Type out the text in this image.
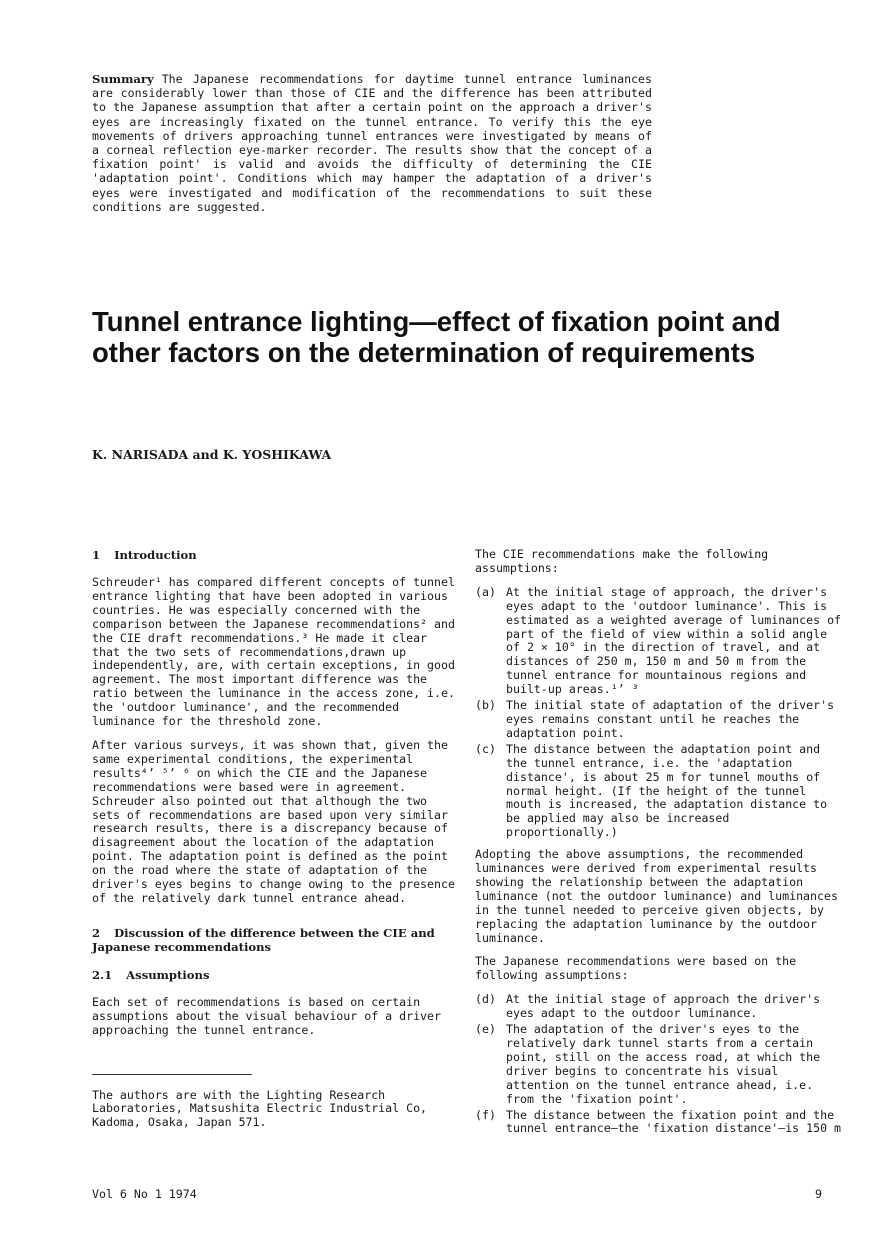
Summary The Japanese recommendations for daytime tunnel entrance luminances are considerably lower than those of CIE and the difference has been attributed to the Japanese assumption that after a certain point on the approach a driver's eyes are increasingly fixated on the tunnel entrance. To verify this the eye movements of drivers approaching tunnel entrances were investigated by means of a corneal reflection eye-marker recorder. The results show that the concept of a fixation point' is valid and avoids the difficulty of determining the CIE 'adaptation point'. Conditions which may hamper the adaptation of a driver's eyes were investigated and modification of the recommendations to suit these conditions are suggested.
Tunnel entrance lighting—effect of fixation point and other factors on the determination of requirements
K. NARISADA and K. YOSHIKAWA
1 Introduction

Schreuder¹ has compared different concepts of tunnel entrance lighting that have been adopted in various countries. He was especially concerned with the comparison between the Japanese recommendations² and the CIE draft recommendations.³ He made it clear that the two sets of recommendations,drawn up independently, are, with certain exceptions, in good agreement. The most important difference was the ratio between the luminance in the access zone, i.e. the 'outdoor luminance', and the recommended luminance for the threshold zone.

After various surveys, it was shown that, given the same experimental conditions, the experimental results⁴ʼ ⁵ʼ ⁶ on which the CIE and the Japanese recommendations were based were in agreement. Schreuder also pointed out that although the two sets of recommendations are based upon very similar research results, there is a discrepancy because of disagreement about the location of the adaptation point. The adaptation point is defined as the point on the road where the state of adaptation of the driver's eyes begins to change owing to the presence of the relatively dark tunnel entrance ahead.

2 Discussion of the difference between the CIE and Japanese recommendations
2.1 Assumptions

Each set of recommendations is based on certain assumptions about the visual behaviour of a driver approaching the tunnel entrance.

The authors are with the Lighting Research Laboratories, Matsushita Electric Industrial Co, Kadoma, Osaka, Japan 571.

The CIE recommendations make the following assumptions:

(a) At the initial stage of approach, the driver's eyes adapt to the 'outdoor luminance'. This is estimated as a weighted average of luminances of part of the field of view within a solid angle of 2 × 10° in the direction of travel, and at distances of 250 m, 150 m and 50 m from the tunnel entrance for mountainous regions and built-up areas.¹ʼ ³
(b) The initial state of adaptation of the driver's eyes remains constant until he reaches the adaptation point.
(c) The distance between the adaptation point and the tunnel entrance, i.e. the 'adaptation distance', is about 25 m for tunnel mouths of normal height. (If the height of the tunnel mouth is increased, the adaptation distance to be applied may also be increased proportionally.)

Adopting the above assumptions, the recommended luminances were derived from experimental results showing the relationship between the adaptation luminance (not the outdoor luminance) and luminances in the tunnel needed to perceive given objects, by replacing the adaptation luminance by the outdoor luminance.

The Japanese recommendations were based on the following assumptions:

(d) At the initial stage of approach the driver's eyes adapt to the outdoor luminance.
(e) The adaptation of the driver's eyes to the relatively dark tunnel starts from a certain point, still on the access road, at which the driver begins to concentrate his visual attention on the tunnel entrance ahead, i.e. from the 'fixation point'.
(f) The distance between the fixation point and the tunnel entrance—the 'fixation distance'—is 150 m
Vol 6 No 1 1974	9
